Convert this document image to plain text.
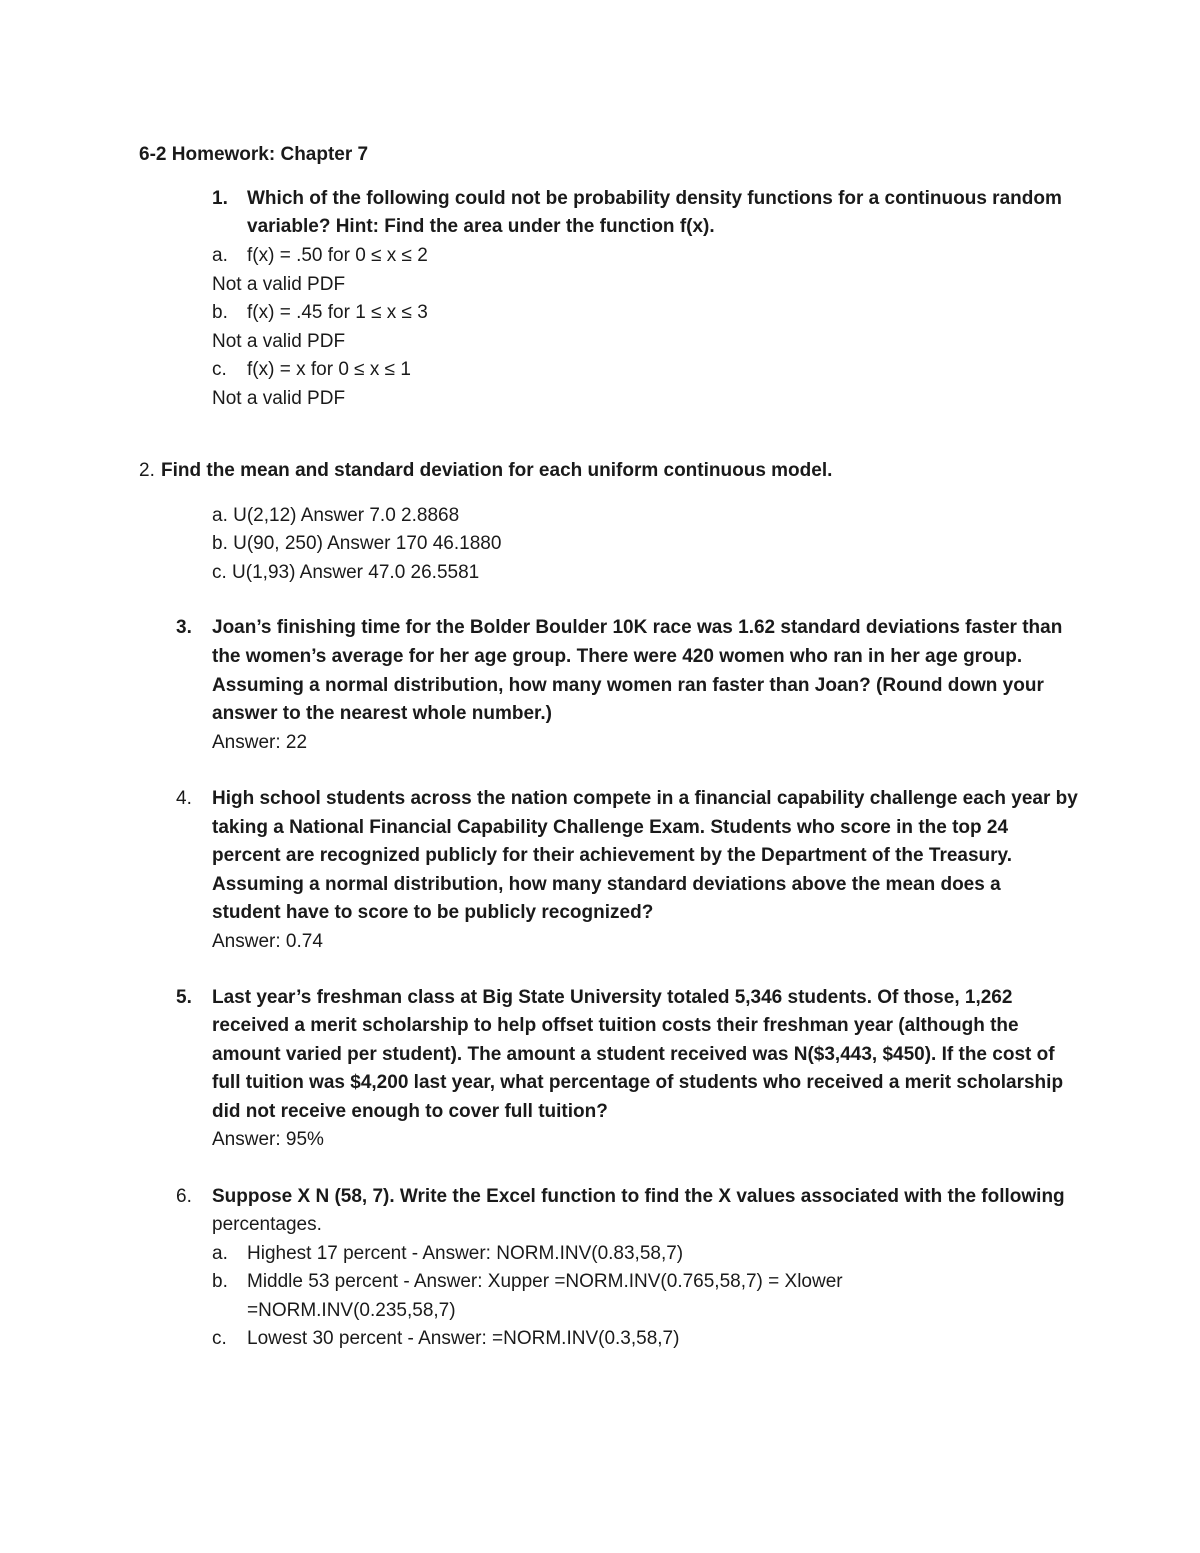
6-2 Homework: Chapter 7
1. Which of the following could not be probability density functions for a continuous random
variable? Hint: Find the area under the function f(x).
a. f(x) = .50 for 0 ≤ x ≤ 2
Not a valid PDF
b. f(x) = .45 for 1 ≤ x ≤ 3
Not a valid PDF
c. f(x) = x for 0 ≤ x ≤ 1
Not a valid PDF
2. Find the mean and standard deviation for each uniform continuous model.
a. U(2,12) Answer 7.0 2.8868
b. U(90, 250) Answer 170 46.1880
c. U(1,93) Answer 47.0 26.5581
3. Joan’s finishing time for the Bolder Boulder 10K race was 1.62 standard deviations faster than
the women’s average for her age group. There were 420 women who ran in her age group.
Assuming a normal distribution, how many women ran faster than Joan? (Round down your
answer to the nearest whole number.)
Answer: 22
4. High school students across the nation compete in a financial capability challenge each year by
taking a National Financial Capability Challenge Exam. Students who score in the top 24
percent are recognized publicly for their achievement by the Department of the Treasury.
Assuming a normal distribution, how many standard deviations above the mean does a
student have to score to be publicly recognized?
Answer: 0.74
5. Last year’s freshman class at Big State University totaled 5,346 students. Of those, 1,262
received a merit scholarship to help offset tuition costs their freshman year (although the
amount varied per student). The amount a student received was N($3,443, $450). If the cost of
full tuition was $4,200 last year, what percentage of students who received a merit scholarship
did not receive enough to cover full tuition?
Answer: 95%
6. Suppose X N (58, 7). Write the Excel function to find the X values associated with the following
percentages.
a. Highest 17 percent - Answer: NORM.INV(0.83,58,7)
b. Middle 53 percent - Answer: Xupper =NORM.INV(0.765,58,7) = Xlower
=NORM.INV(0.235,58,7)
c. Lowest 30 percent - Answer: =NORM.INV(0.3,58,7)
